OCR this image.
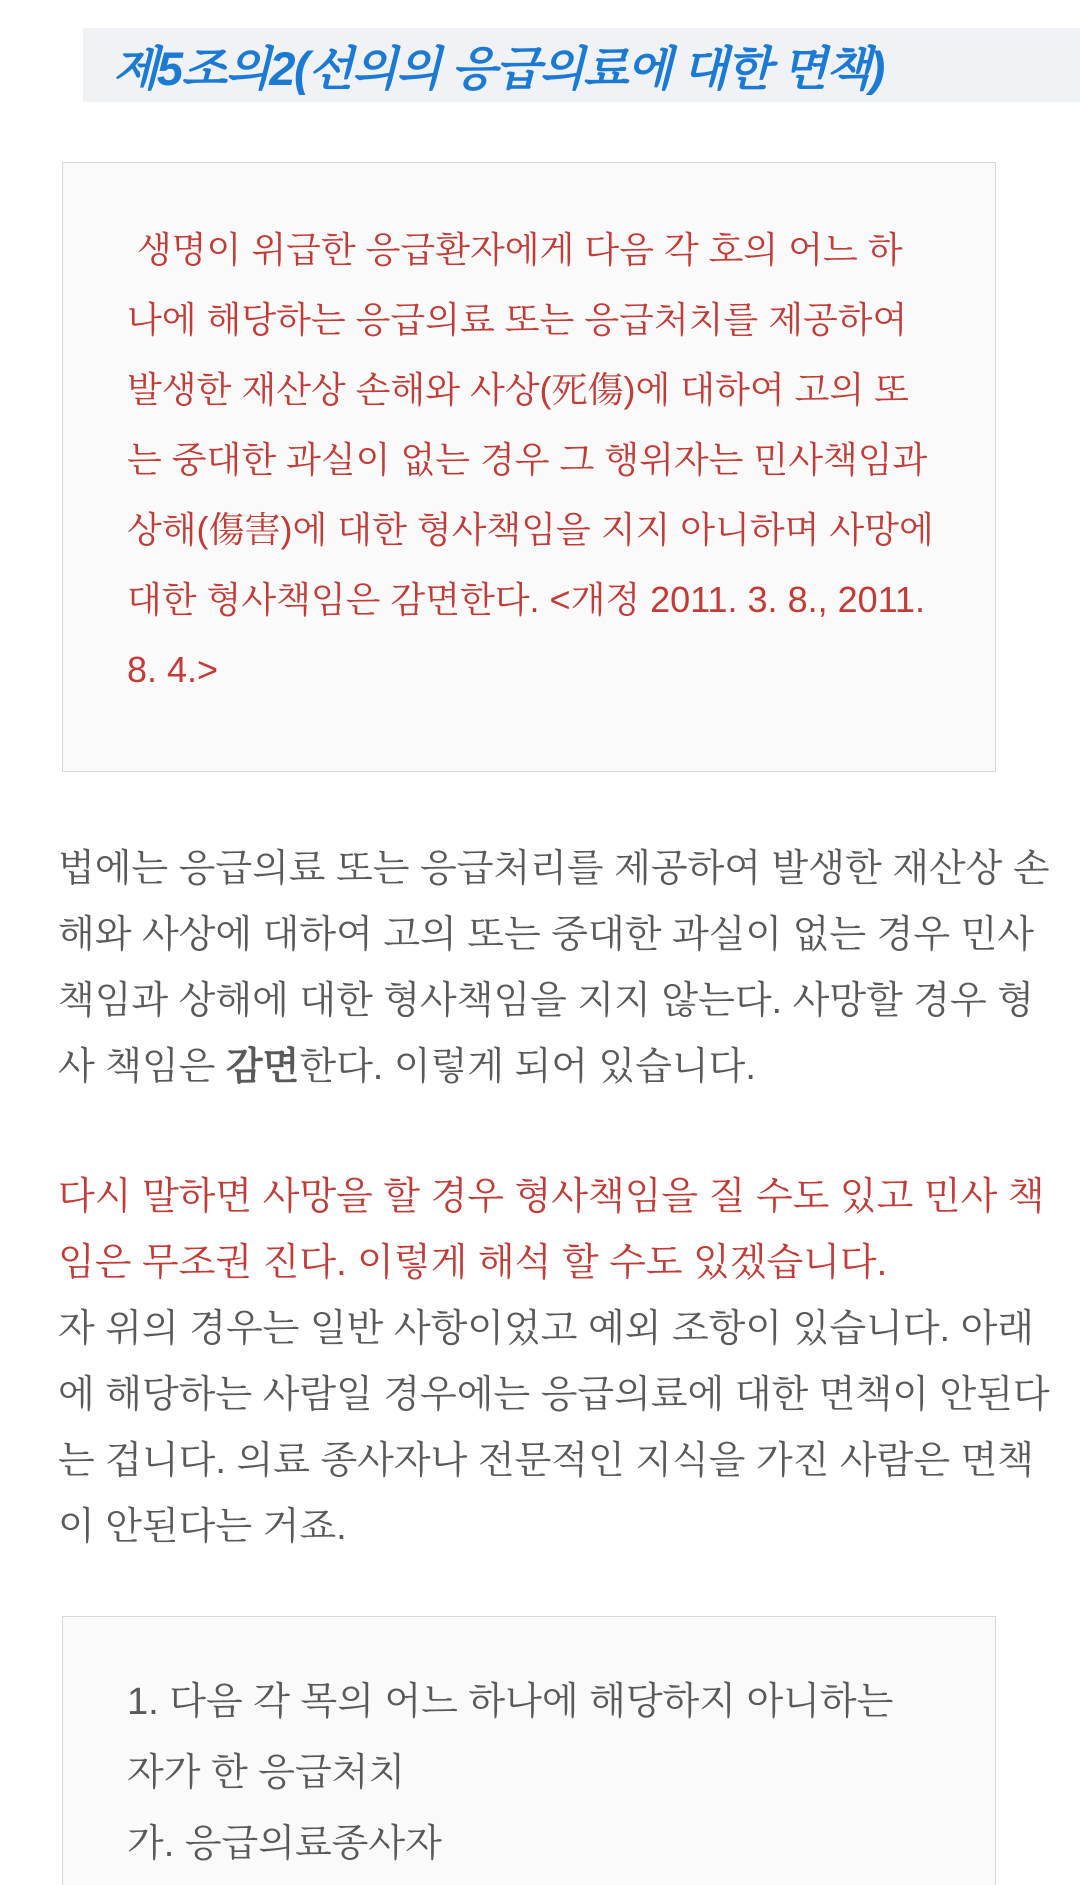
제5조의2(선의의 응급의료에 대한 면책)

생명이 위급한 응급환자에게 다음 각 호의 어느 하나에 해당하는 응급의료 또는 응급처치를 제공하여 발생한 재산상 손해와 사상(死傷)에 대하여 고의 또는 중대한 과실이 없는 경우 그 행위자는 민사책임과 상해(傷害)에 대한 형사책임을 지지 아니하며 사망에 대한 형사책임은 감면한다. <개정 2011. 3. 8., 2011. 8. 4.>

법에는 응급의료 또는 응급처리를 제공하여 발생한 재산상 손해와 사상에 대하여 고의 또는 중대한 과실이 없는 경우 민사 책임과 상해에 대한 형사책임을 지지 않는다. 사망할 경우 형사 책임은 감면한다. 이렇게 되어 있습니다.

다시 말하면 사망을 할 경우 형사책임을 질 수도 있고 민사 책임은 무조권 진다. 이렇게 해석 할 수도 있겠습니다.
자 위의 경우는 일반 사항이었고 예외 조항이 있습니다. 아래에 해당하는 사람일 경우에는 응급의료에 대한 면책이 안된다는 겁니다. 의료 종사자나 전문적인 지식을 가진 사람은 면책이 안된다는 거죠.

1. 다음 각 목의 어느 하나에 해당하지 아니하는 자가 한 응급처치

가. 응급의료종사자
